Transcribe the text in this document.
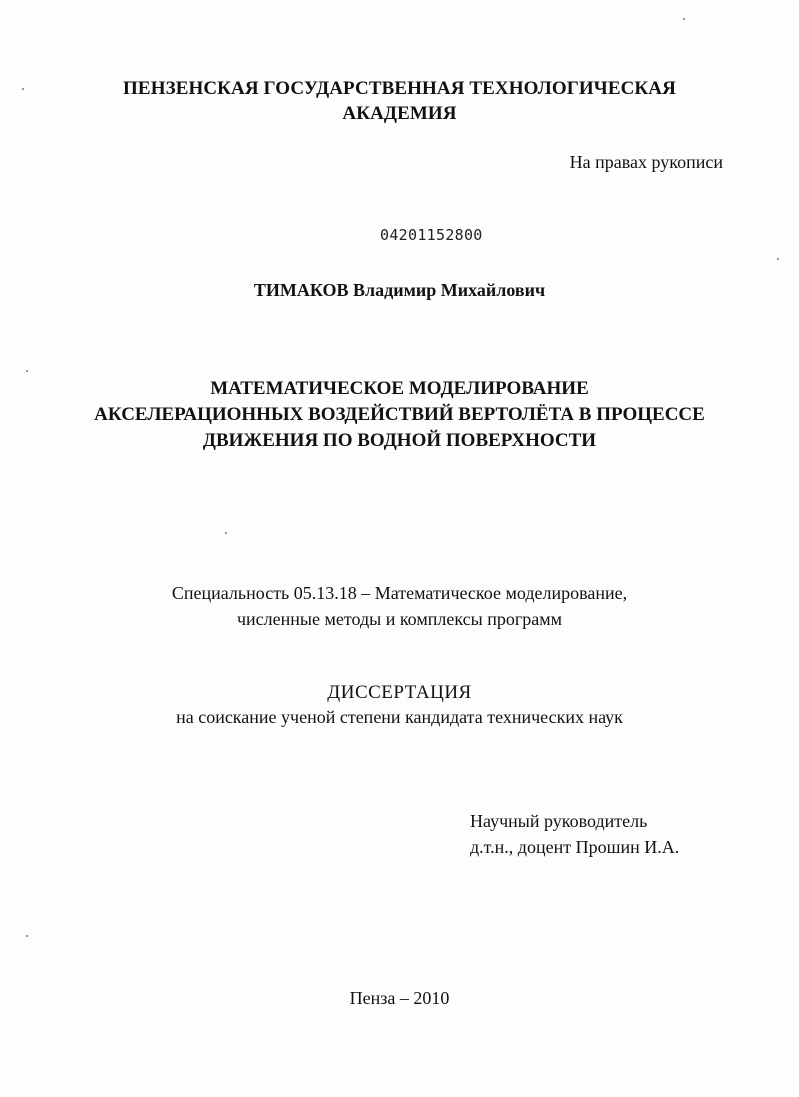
ПЕНЗЕНСКАЯ ГОСУДАРСТВЕННАЯ ТЕХНОЛОГИЧЕСКАЯ
АКАДЕМИЯ
На правах рукописи
04201152800
ТИМАКОВ Владимир Михайлович
МАТЕМАТИЧЕСКОЕ МОДЕЛИРОВАНИЕ
АКСЕЛЕРАЦИОННЫХ ВОЗДЕЙСТВИЙ ВЕРТОЛЁТА В ПРОЦЕССЕ
ДВИЖЕНИЯ ПО ВОДНОЙ ПОВЕРХНОСТИ
Специальность 05.13.18 – Математическое моделирование,
численные методы и комплексы программ
ДИССЕРТАЦИЯ
на соискание ученой степени кандидата технических наук
Научный руководитель
д.т.н., доцент Прошин И.А.
Пенза – 2010
